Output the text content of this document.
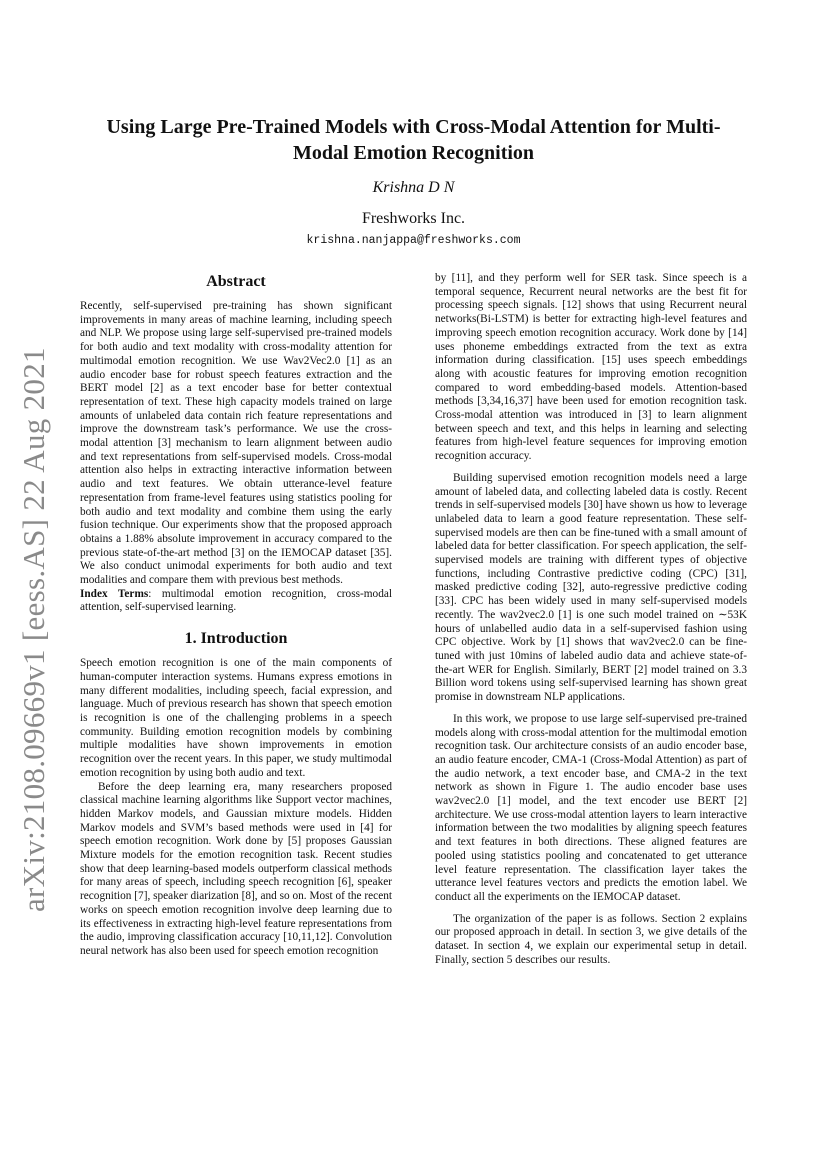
arXiv:2108.09669v1 [eess.AS] 22 Aug 2021
Using Large Pre-Trained Models with Cross-Modal Attention for Multi-Modal Emotion Recognition
Krishna D N
Freshworks Inc.
krishna.nanjappa@freshworks.com
Abstract

Recently, self-supervised pre-training has shown significant improvements in many areas of machine learning, including speech and NLP. We propose using large self-supervised pre-trained models for both audio and text modality with cross-modality attention for multimodal emotion recognition. We use Wav2Vec2.0 [1] as an audio encoder base for robust speech features extraction and the BERT model [2] as a text encoder base for better contextual representation of text. These high capacity models trained on large amounts of unlabeled data contain rich feature representations and improve the downstream task’s performance. We use the cross-modal attention [3] mechanism to learn alignment between audio and text representations from self-supervised models. Cross-modal attention also helps in extracting interactive information between audio and text features. We obtain utterance-level feature representation from frame-level features using statistics pooling for both audio and text modality and combine them using the early fusion technique. Our experiments show that the proposed approach obtains a 1.88% absolute improvement in accuracy compared to the previous state-of-the-art method [3] on the IEMOCAP dataset [35]. We also conduct unimodal experiments for both audio and text modalities and compare them with previous best methods.

Index Terms: multimodal emotion recognition, cross-modal attention, self-supervised learning.

1. Introduction

Speech emotion recognition is one of the main components of human-computer interaction systems. Humans express emotions in many different modalities, including speech, facial expression, and language. Much of previous research has shown that speech emotion is recognition is one of the challenging problems in a speech community. Building emotion recognition models by combining multiple modalities have shown improvements in emotion recognition over the recent years. In this paper, we study multimodal emotion recognition by using both audio and text.

Before the deep learning era, many researchers proposed classical machine learning algorithms like Support vector machines, hidden Markov models, and Gaussian mixture models. Hidden Markov models and SVM’s based methods were used in [4] for speech emotion recognition. Work done by [5] proposes Gaussian Mixture models for the emotion recognition task. Recent studies show that deep learning-based models outperform classical methods for many areas of speech, including speech recognition [6], speaker recognition [7], speaker diarization [8], and so on. Most of the recent works on speech emotion recognition involve deep learning due to its effectiveness in extracting high-level feature representations from the audio, improving classification accuracy [10,11,12]. Convolution neural network has also been used for speech emotion recognition

by [11], and they perform well for SER task. Since speech is a temporal sequence, Recurrent neural networks are the best fit for processing speech signals. [12] shows that using Recurrent neural networks(Bi-LSTM) is better for extracting high-level features and improving speech emotion recognition accuracy. Work done by [14] uses phoneme embeddings extracted from the text as extra information during classification. [15] uses speech embeddings along with acoustic features for improving emotion recognition compared to word embedding-based models. Attention-based methods [3,34,16,37] have been used for emotion recognition task. Cross-modal attention was introduced in [3] to learn alignment between speech and text, and this helps in learning and selecting features from high-level feature sequences for improving emotion recognition accuracy.

Building supervised emotion recognition models need a large amount of labeled data, and collecting labeled data is costly. Recent trends in self-supervised models [30] have shown us how to leverage unlabeled data to learn a good feature representation. These self-supervised models are then can be fine-tuned with a small amount of labeled data for better classification. For speech application, the self-supervised models are training with different types of objective functions, including Contrastive predictive coding (CPC) [31], masked predictive coding [32], auto-regressive predictive coding [33]. CPC has been widely used in many self-supervised models recently. The wav2vec2.0 [1] is one such model trained on ∼53K hours of unlabelled audio data in a self-supervised fashion using CPC objective. Work by [1] shows that wav2vec2.0 can be fine-tuned with just 10mins of labeled audio data and achieve state-of-the-art WER for English. Similarly, BERT [2] model trained on 3.3 Billion word tokens using self-supervised learning has shown great promise in downstream NLP applications.

In this work, we propose to use large self-supervised pre-trained models along with cross-modal attention for the multimodal emotion recognition task. Our architecture consists of an audio encoder base, an audio feature encoder, CMA-1 (Cross-Modal Attention) as part of the audio network, a text encoder base, and CMA-2 in the text network as shown in Figure 1. The audio encoder base uses wav2vec2.0 [1] model, and the text encoder use BERT [2] architecture. We use cross-modal attention layers to learn interactive information between the two modalities by aligning speech features and text features in both directions. These aligned features are pooled using statistics pooling and concatenated to get utterance level feature representation. The classification layer takes the utterance level features vectors and predicts the emotion label. We conduct all the experiments on the IEMOCAP dataset.

The organization of the paper is as follows. Section 2 explains our proposed approach in detail. In section 3, we give details of the dataset. In section 4, we explain our experimental setup in detail. Finally, section 5 describes our results.
